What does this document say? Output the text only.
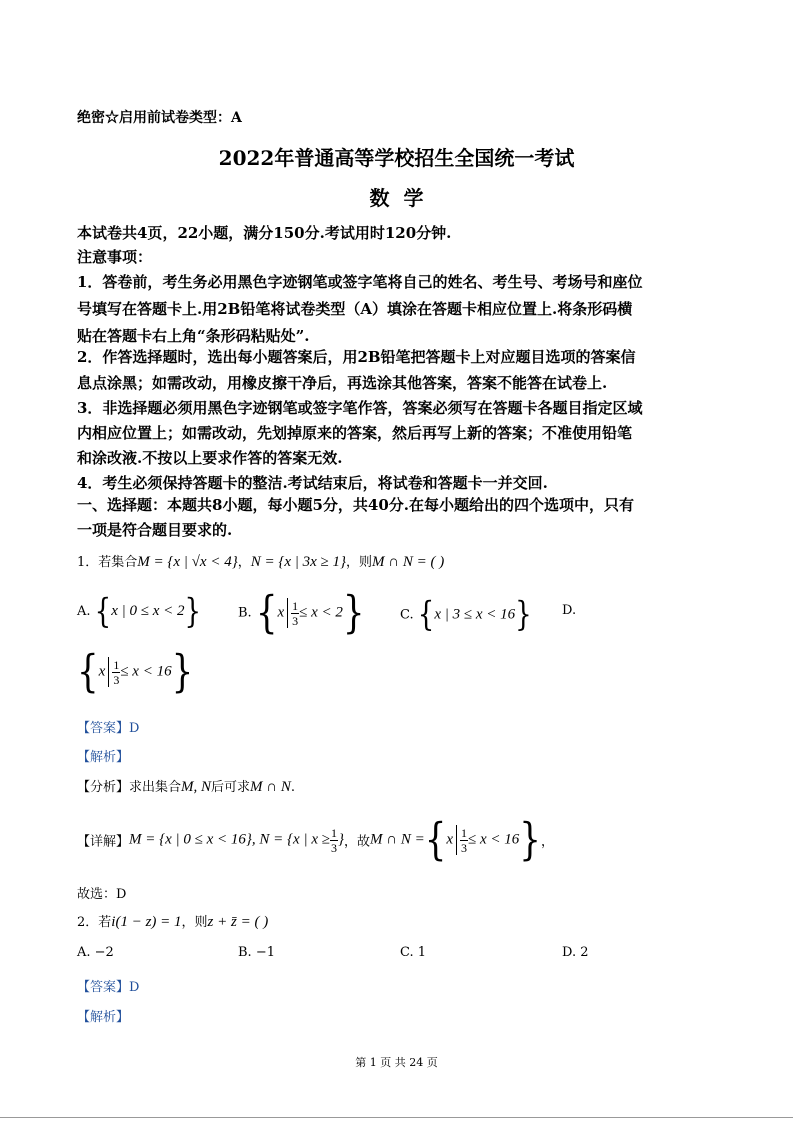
绝密☆启用前试卷类型：A
2022年普通高等学校招生全国统一考试
数  学
本试卷共4页，22小题，满分150分.考试用时120分钟.
注意事项：
1．答卷前，考生务必用黑色字迹钢笔或签字笔将自己的姓名、考生号、考场号和座位
号填写在答题卡上.用2B铅笔将试卷类型（A）填涂在答题卡相应位置上.将条形码横
贴在答题卡右上角“条形码粘贴处”.
2．作答选择题时，选出每小题答案后，用2B铅笔把答题卡上对应题目选项的答案信
息点涂黑；如需改动，用橡皮擦干净后，再选涂其他答案，答案不能答在试卷上.
3．非选择题必须用黑色字迹钢笔或签字笔作答，答案必须写在答题卡各题目指定区域
内相应位置上；如需改动，先划掉原来的答案，然后再写上新的答案；不准使用铅笔
和涂改液.不按以上要求作答的答案无效.
4．考生必须保持答题卡的整洁.考试结束后，将试卷和答题卡一并交回.
一、选择题：本题共8小题，每小题5分，共40分.在每小题给出的四个选项中，只有
一项是符合题目要求的.
1．若集合M = {x | √x < 4}，N = {x | 3x ≥ 1}，则M ∩ N = ( )
A. {x | 0 ≤ x < 2}	B. $\{x \frac{1}{3}\le x < 2\}$	C. {x | 3 ≤ x < 16} D.
$\{x \frac{1}{3}\le x < 16\}$
【答案】D
【解析】
【分析】求出集合M, N后可求M ∩ N.
【详解】M = {x | 0 ≤ x < 16}, N = {x | $x \ge \frac{1}{3}$}，故M ∩ $N =\{x \frac{1}{3}\le x < 16\}$，
故选：D
2．若i(1 − z) = 1，则z + z̄ = ( )
A. −2	B. −1	C. 1	D. 2
【答案】D
【解析】
第 1 页 共 24 页
